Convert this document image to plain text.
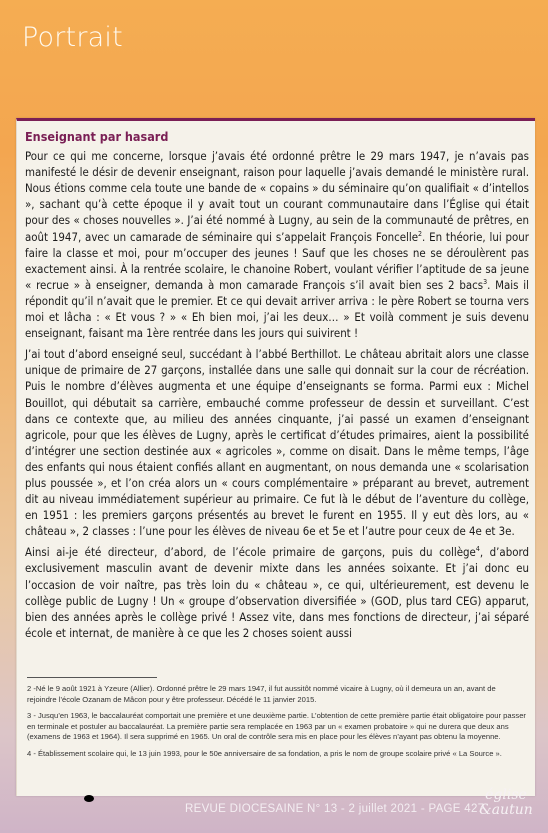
Portrait
Enseignant par hasard

Pour ce qui me concerne, lorsque j’avais été ordonné prêtre le 29 mars 1947, je n’avais pas manifesté le désir de devenir enseignant, raison pour laquelle j’avais demandé le ministère rural. Nous étions comme cela toute une bande de « copains » du séminaire qu’on qualifiait « d’intellos », sachant qu’à cette époque il y avait tout un courant communautaire dans l’Église qui était pour des « choses nouvelles ». J’ai été nommé à Lugny, au sein de la communauté de prêtres, en août 1947, avec un camarade de séminaire qui s’appelait François Foncelle$^2$. En théorie, lui pour faire la classe et moi, pour m’occuper des jeunes ! Sauf que les choses ne se déroulèrent pas exactement ainsi. À la rentrée scolaire, le chanoine Robert, voulant vérifier l’aptitude de sa jeune « recrue » à enseigner, demanda à mon camarade François s’il avait bien ses 2 bacs$^3$. Mais il répondit qu’il n’avait que le premier. Et ce qui devait arriver arriva : le père Robert se tourna vers moi et lâcha : « Et vous ? » « Eh bien moi, j’ai les deux… » Et voilà comment je suis devenu enseignant, faisant ma 1ère rentrée dans les jours qui suivirent !

J’ai tout d’abord enseigné seul, succédant à l’abbé Berthillot. Le château abritait alors une classe unique de primaire de 27 garçons, installée dans une salle qui donnait sur la cour de récréation. Puis le nombre d’élèves augmenta et une équipe d’enseignants se forma. Parmi eux : Michel Bouillot, qui débutait sa carrière, embauché comme professeur de dessin et surveillant. C’est dans ce contexte que, au milieu des années cinquante, j’ai passé un examen d’enseignant agricole, pour que les élèves de Lugny, après le certificat d’études primaires, aient la possibilité d’intégrer une section destinée aux « agricoles », comme on disait. Dans le même temps, l’âge des enfants qui nous étaient confiés allant en augmentant, on nous demanda une « scolarisation plus poussée », et l’on créa alors un « cours complémentaire » préparant au brevet, autrement dit au niveau immédiatement supérieur au primaire. Ce fut là le début de l’aventure du collège, en 1951 : les premiers garçons présentés au brevet le furent en 1955. Il y eut dès lors, au « château », 2 classes : l’une pour les élèves de niveau 6e et 5e et l’autre pour ceux de 4e et 3e.

Ainsi ai-je été directeur, d’abord, de l’école primaire de garçons, puis du collège$^4$, d’abord exclusivement masculin avant de devenir mixte dans les années soixante. Et j’ai donc eu l’occasion de voir naître, pas très loin du « château », ce qui, ultérieurement, est devenu le collège public de Lugny ! Un « groupe d’observation diversifiée » (GOD, plus tard CEG) apparut, bien des années après le collège privé ! Assez vite, dans mes fonctions de directeur, j’ai séparé école et internat, de manière à ce que les 2 choses soient aussi

2 -Né le 9 août 1921 à Yzeure (Allier). Ordonné prêtre le 29 mars 1947, il fut aussitôt nommé vicaire à Lugny, où il demeura un an, avant de rejoindre l’école Ozanam de Mâcon pour y être professeur. Décédé le 11 janvier 2015.

3 - Jusqu’en 1963, le baccalauréat comportait une première et une deuxième partie. L’obtention de cette première partie était obligatoire pour passer en terminale et postuler au baccalauréat. La première partie sera remplacée en 1963 par un « examen probatoire » qui ne durera que deux ans (examens de 1963 et 1964). Il sera supprimé en 1965. Un oral de contrôle sera mis en place pour les élèves n’ayant pas obtenu la moyenne.

4 - Établissement scolaire qui, le 13 juin 1993, pour le 50e anniversaire de sa fondation, a pris le nom de groupe scolaire privé « La Source ».

REVUE DIOCESAINE N° 13 - 2 juillet 2021 - PAGE 427
église
&autun
